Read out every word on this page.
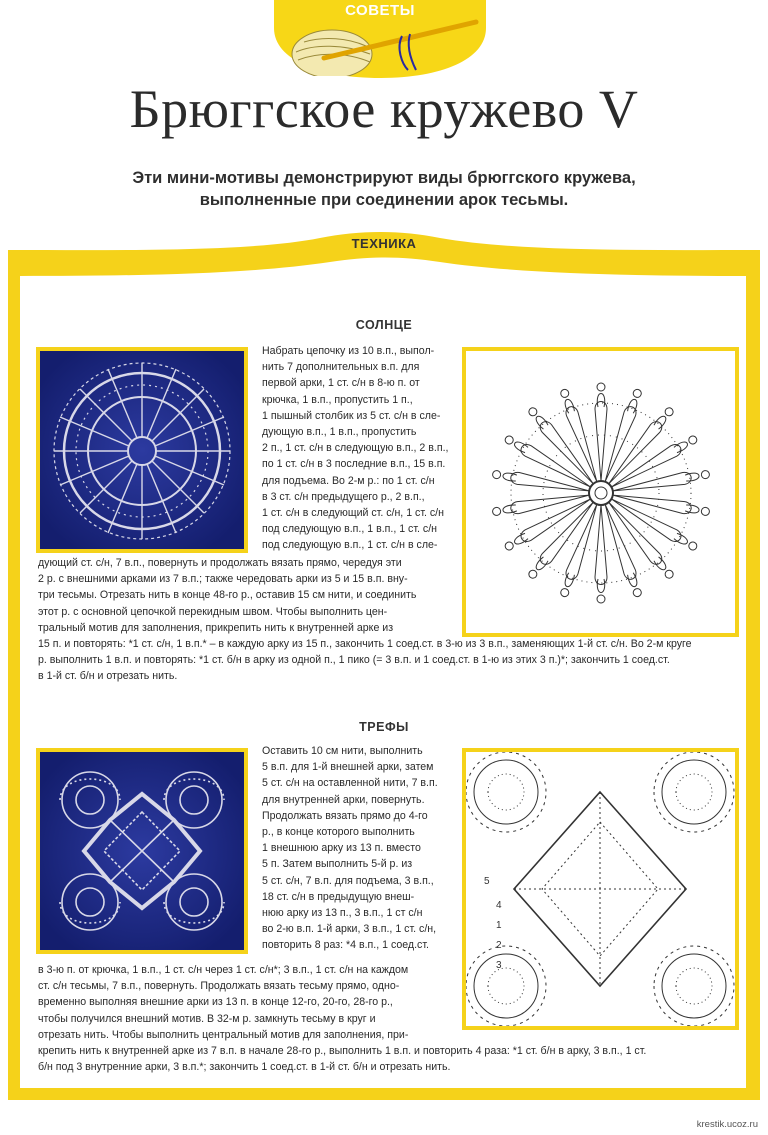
СОВЕТЫ
Брюггское кружево V
Эти мини-мотивы демонстрируют виды брюггского кружева,
выполненные при соединении арок тесьмы.
ТЕХНИКА
СОЛНЦЕ

Набрать цепочку из 10 в.п., выпол-

нить 7 дополнительных в.п. для

первой арки, 1 ст. с/н в 8-ю п. от

крючка, 1 в.п., пропустить 1 п.,

1 пышный столбик из 5 ст. с/н в сле-

дующую в.п., 1 в.п., пропустить

2 п., 1 ст. с/н в следующую в.п., 2 в.п.,

по 1 ст. с/н в 3 последние в.п., 15 в.п.

для подъема. Во 2-м р.: по 1 ст. с/н

в 3 ст. с/н предыдущего р., 2 в.п.,

1 ст. с/н в следующий ст. с/н, 1 ст. с/н

под следующую в.п., 1 в.п., 1 ст. с/н

под следующую в.п., 1 ст. с/н в сле-

дующий ст. с/н, 7 в.п., повернуть и продолжать вязать прямо, чередуя эти

2 р. с внешними арками из 7 в.п.; также чередовать арки из 5 и 15 в.п. вну-

три тесьмы. Отрезать нить в конце 48-го р., оставив 15 см нити, и соединить

этот р. с основной цепочкой перекидным швом. Чтобы выполнить цен-

тральный мотив для заполнения, прикрепить нить к внутренней арке из

15 п. и повторять: *1 ст. с/н, 1 в.п.* – в каждую арку из 15 п., закончить 1 соед.ст. в 3-ю из 3 в.п., заменяющих 1-й ст. с/н. Во 2-м круге

р. выполнить 1 в.п. и повторять: *1 ст. б/н в арку из одной п., 1 пико (= 3 в.п. и 1 соед.ст. в 1-ю из этих 3 п.)*; закончить 1 соед.ст.

в 1-й ст. б/н и отрезать нить.

ТРЕФЫ
5
4
1
2
3

Оставить 10 см нити, выполнить

5 в.п. для 1-й внешней арки, затем

5 ст. с/н на оставленной нити, 7 в.п.

для внутренней арки, повернуть.

Продолжать вязать прямо до 4-го

р., в конце которого выполнить

1 внешнюю арку из 13 п. вместо

5 п. Затем выполнить 5-й р. из

5 ст. с/н, 7 в.п. для подъема, 3 в.п.,

18 ст. с/н в предыдущую внеш-

нюю арку из 13 п., 3 в.п., 1 ст с/н

во 2-ю в.п. 1-й арки, 3 в.п., 1 ст. с/н,

повторить 8 раз: *4 в.п., 1 соед.ст.

в 3-ю п. от крючка, 1 в.п., 1 ст. с/н через 1 ст. с/н*; 3 в.п., 1 ст. с/н на каждом

ст. с/н тесьмы, 7 в.п., повернуть. Продолжать вязать тесьму прямо, одно-

временно выполняя внешние арки из 13 п. в конце 12-го, 20-го, 28-го р.,

чтобы получился внешний мотив. В 32-м р. замкнуть тесьму в круг и

отрезать нить. Чтобы выполнить центральный мотив для заполнения, при-

крепить нить к внутренней арке из 7 в.п. в начале 28-го р., выполнить 1 в.п. и повторить 4 раза: *1 ст. б/н в арку, 3 в.п., 1 ст.

б/н под 3 внутренние арки, 3 в.п.*; закончить 1 соед.ст. в 1-й ст. б/н и отрезать нить.

krestik.ucoz.ru
